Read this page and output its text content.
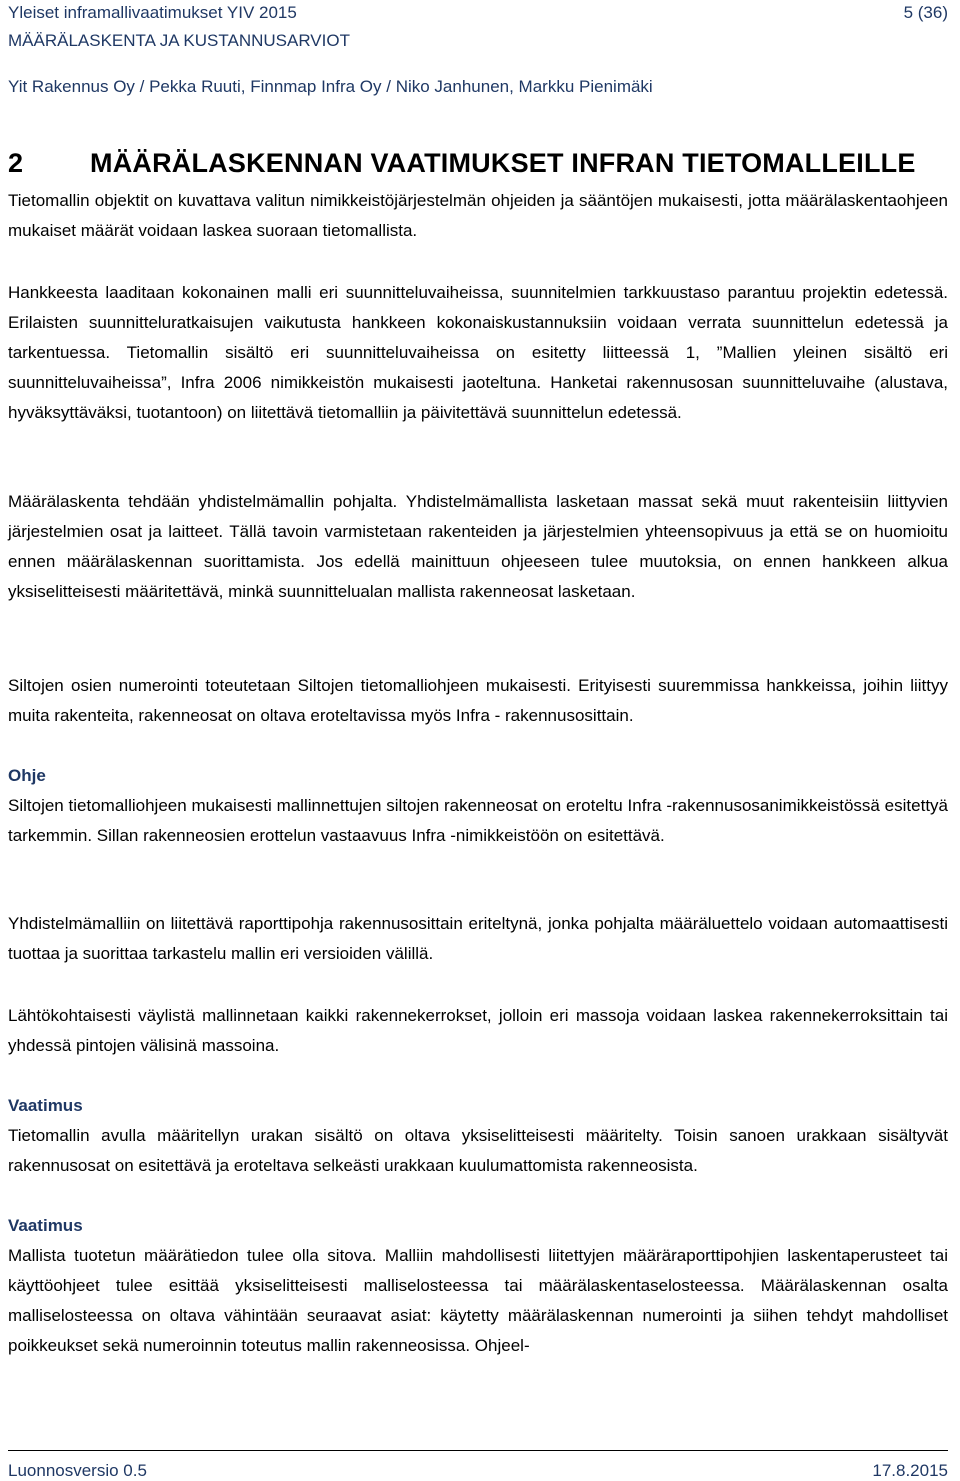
Yleiset inframallivaatimukset YIV 2015	5 (36)
MÄÄRÄLASKENTA JA KUSTANNUSARVIOT
Yit Rakennus Oy / Pekka Ruuti, Finnmap Infra Oy / Niko Janhunen, Markku Pienimäki
2 MÄÄRÄLASKENNAN VAATIMUKSET INFRAN TIETOMALLEILLE
Tietomallin objektit on kuvattava valitun nimikkeistöjärjestelmän ohjeiden ja sääntöjen mukaisesti, jotta määrälaskentaohjeen mukaiset määrät voidaan laskea suoraan tietomallista.
Hankkeesta laaditaan kokonainen malli eri suunnitteluvaiheissa, suunnitelmien tarkkuustaso parantuu projektin edetessä. Erilaisten suunnitteluratkaisujen vaikutusta hankkeen kokonaiskustannuksiin voidaan verrata suunnittelun edetessä ja tarkentuessa. Tietomallin sisältö eri suunnitteluvaiheissa on esitetty liitteessä 1, ”Mallien yleinen sisältö eri suunnitteluvaiheissa”, Infra 2006 nimikkeistön mukaisesti jaoteltuna. Hanketai rakennusosan suunnitteluvaihe (alustava, hyväksyttäväksi, tuotantoon) on liitettävä tietomalliin ja päivitettävä suunnittelun edetessä.
Määrälaskenta tehdään yhdistelmämallin pohjalta. Yhdistelmämallista lasketaan massat sekä muut rakenteisiin liittyvien järjestelmien osat ja laitteet. Tällä tavoin varmistetaan rakenteiden ja järjestelmien yhteensopivuus ja että se on huomioitu ennen määrälaskennan suorittamista. Jos edellä mainittuun ohjeeseen tulee muutoksia, on ennen hankkeen alkua yksiselitteisesti määritettävä, minkä suunnittelualan mallista rakenneosat lasketaan.
Siltojen osien numerointi toteutetaan Siltojen tietomalliohjeen mukaisesti. Erityisesti suuremmissa hankkeissa, joihin liittyy muita rakenteita, rakenneosat on oltava eroteltavissa myös Infra - rakennusosittain.
Ohje
Siltojen tietomalliohjeen mukaisesti mallinnettujen siltojen rakenneosat on eroteltu Infra -rakennusosanimikkeistössä esitettyä tarkemmin. Sillan rakenneosien erottelun vastaavuus Infra -nimikkeistöön on esitettävä.
Yhdistelmämalliin on liitettävä raporttipohja rakennusosittain eriteltynä, jonka pohjalta määräluettelo voidaan automaattisesti tuottaa ja suorittaa tarkastelu mallin eri versioiden välillä.
Lähtökohtaisesti väylistä mallinnetaan kaikki rakennekerrokset, jolloin eri massoja voidaan laskea rakennekerroksittain tai yhdessä pintojen välisinä massoina.
Vaatimus
Tietomallin avulla määritellyn urakan sisältö on oltava yksiselitteisesti määritelty. Toisin sanoen urakkaan sisältyvät rakennusosat on esitettävä ja eroteltava selkeästi urakkaan kuulumattomista rakenneosista.
Vaatimus
Mallista tuotetun määrätiedon tulee olla sitova. Malliin mahdollisesti liitettyjen määräraporttipohjien laskentaperusteet tai käyttöohjeet tulee esittää yksiselitteisesti malliselosteessa tai määrälaskentaselosteessa. Määrälaskennan osalta malliselosteessa on oltava vähintään seuraavat asiat: käytetty määrälaskennan numerointi ja siihen tehdyt mahdolliset poikkeukset sekä numeroinnin toteutus mallin rakenneosissa. Ohjeel-
Luonnosversio 0.5	17.8.2015
